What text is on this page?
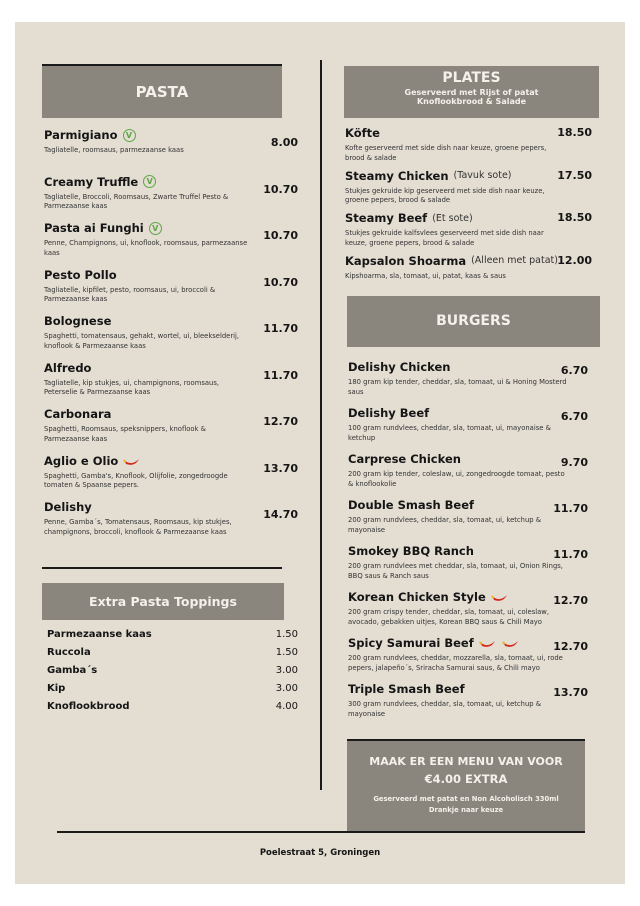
PASTA
Parmigiano	V
Tagliatelle, roomsaus, parmezaanse kaas
8.00
Creamy Truffle	V
Tagliatelle, Broccoli, Roomsaus, Zwarte Truffel Pesto & Parmezaanse kaas
10.70
Pasta ai Funghi	V
Penne, Champignons, ui, knoflook, roomsaus, parmezaanse kaas
10.70
Pesto Pollo
Tagliatelle, kipfilet, pesto, roomsaus, ui, broccoli & Parmezaanse kaas
10.70
Bolognese
Spaghetti, tomatensaus, gehakt, wortel, ui, bleekselderij, knoflook & Parmezaanse kaas
11.70
Alfredo
Tagliatelle, kip stukjes, ui, champignons, roomsaus, Peterselie & Parmezaanse kaas
11.70
Carbonara
Spaghetti, Roomsaus, speksnippers, knoflook & Parmezaanse kaas
12.70
Aglio e Olio
Spaghetti, Gamba's, Knoflook, Olijfolie, zongedroogde tomaten & Spaanse pepers.
13.70
Delishy
Penne, Gamba´s, Tomatensaus, Roomsaus, kip stukjes, champignons, broccoli, knoflook & Parmezaanse kaas
14.70
Extra Pasta Toppings
Parmezaanse kaas	1.50
Ruccola	1.50
Gamba´s	3.00
Kip	3.00
Knoflookbrood	4.00
PLATES
Geserveerd met Rijst of patat
Knoflookbrood & Salade
Köfte
Kofte geserveerd met side dish naar keuze, groene pepers, brood & salade
18.50
Steamy Chicken (Tavuk sote)
Stukjes gekruide kip geserveerd met side dish naar keuze, groene pepers, brood & salade
17.50
Steamy Beef (Et sote)
Stukjes gekruide kalfsvlees geserveerd met side dish naar keuze, groene pepers, brood & salade
18.50
Kapsalon Shoarma (Alleen met patat)
Kipshoarma, sla, tomaat, ui, patat, kaas & saus
12.00
BURGERS
Delishy Chicken
180 gram kip tender, cheddar, sla, tomaat, ui & Honing Mosterd saus
6.70
Delishy Beef
100 gram rundvlees, cheddar, sla, tomaat, ui, mayonaise & ketchup
6.70
Carprese Chicken
200 gram kip tender, coleslaw, ui, zongedroogde tomaat, pesto & knoflookolie
9.70
Double Smash Beef
200 gram rundvlees, cheddar, sla, tomaat, ui, ketchup & mayonaise
11.70
Smokey BBQ Ranch
200 gram rundvlees met cheddar, sla, tomaat, ui, Onion Rings, BBQ saus & Ranch saus
11.70
Korean Chicken Style
200 gram crispy tender, cheddar, sla, tomaat, ui, coleslaw, avocado, gebakken uitjes, Korean BBQ saus & Chili Mayo
12.70
Spicy Samurai Beef
200 gram rundvlees, cheddar, mozzarella, sla, tomaat, ui, rode pepers, jalapeño´s, Sriracha Samurai saus, & Chili mayo
12.70
Triple Smash Beef
300 gram rundvlees, cheddar, sla, tomaat, ui, ketchup & mayonaise
13.70
MAAK ER EEN MENU VAN VOOR
€4.00 EXTRA
Geserveerd met patat en Non Alcoholisch 330ml
Drankje naar keuze
Poelestraat 5, Groningen
